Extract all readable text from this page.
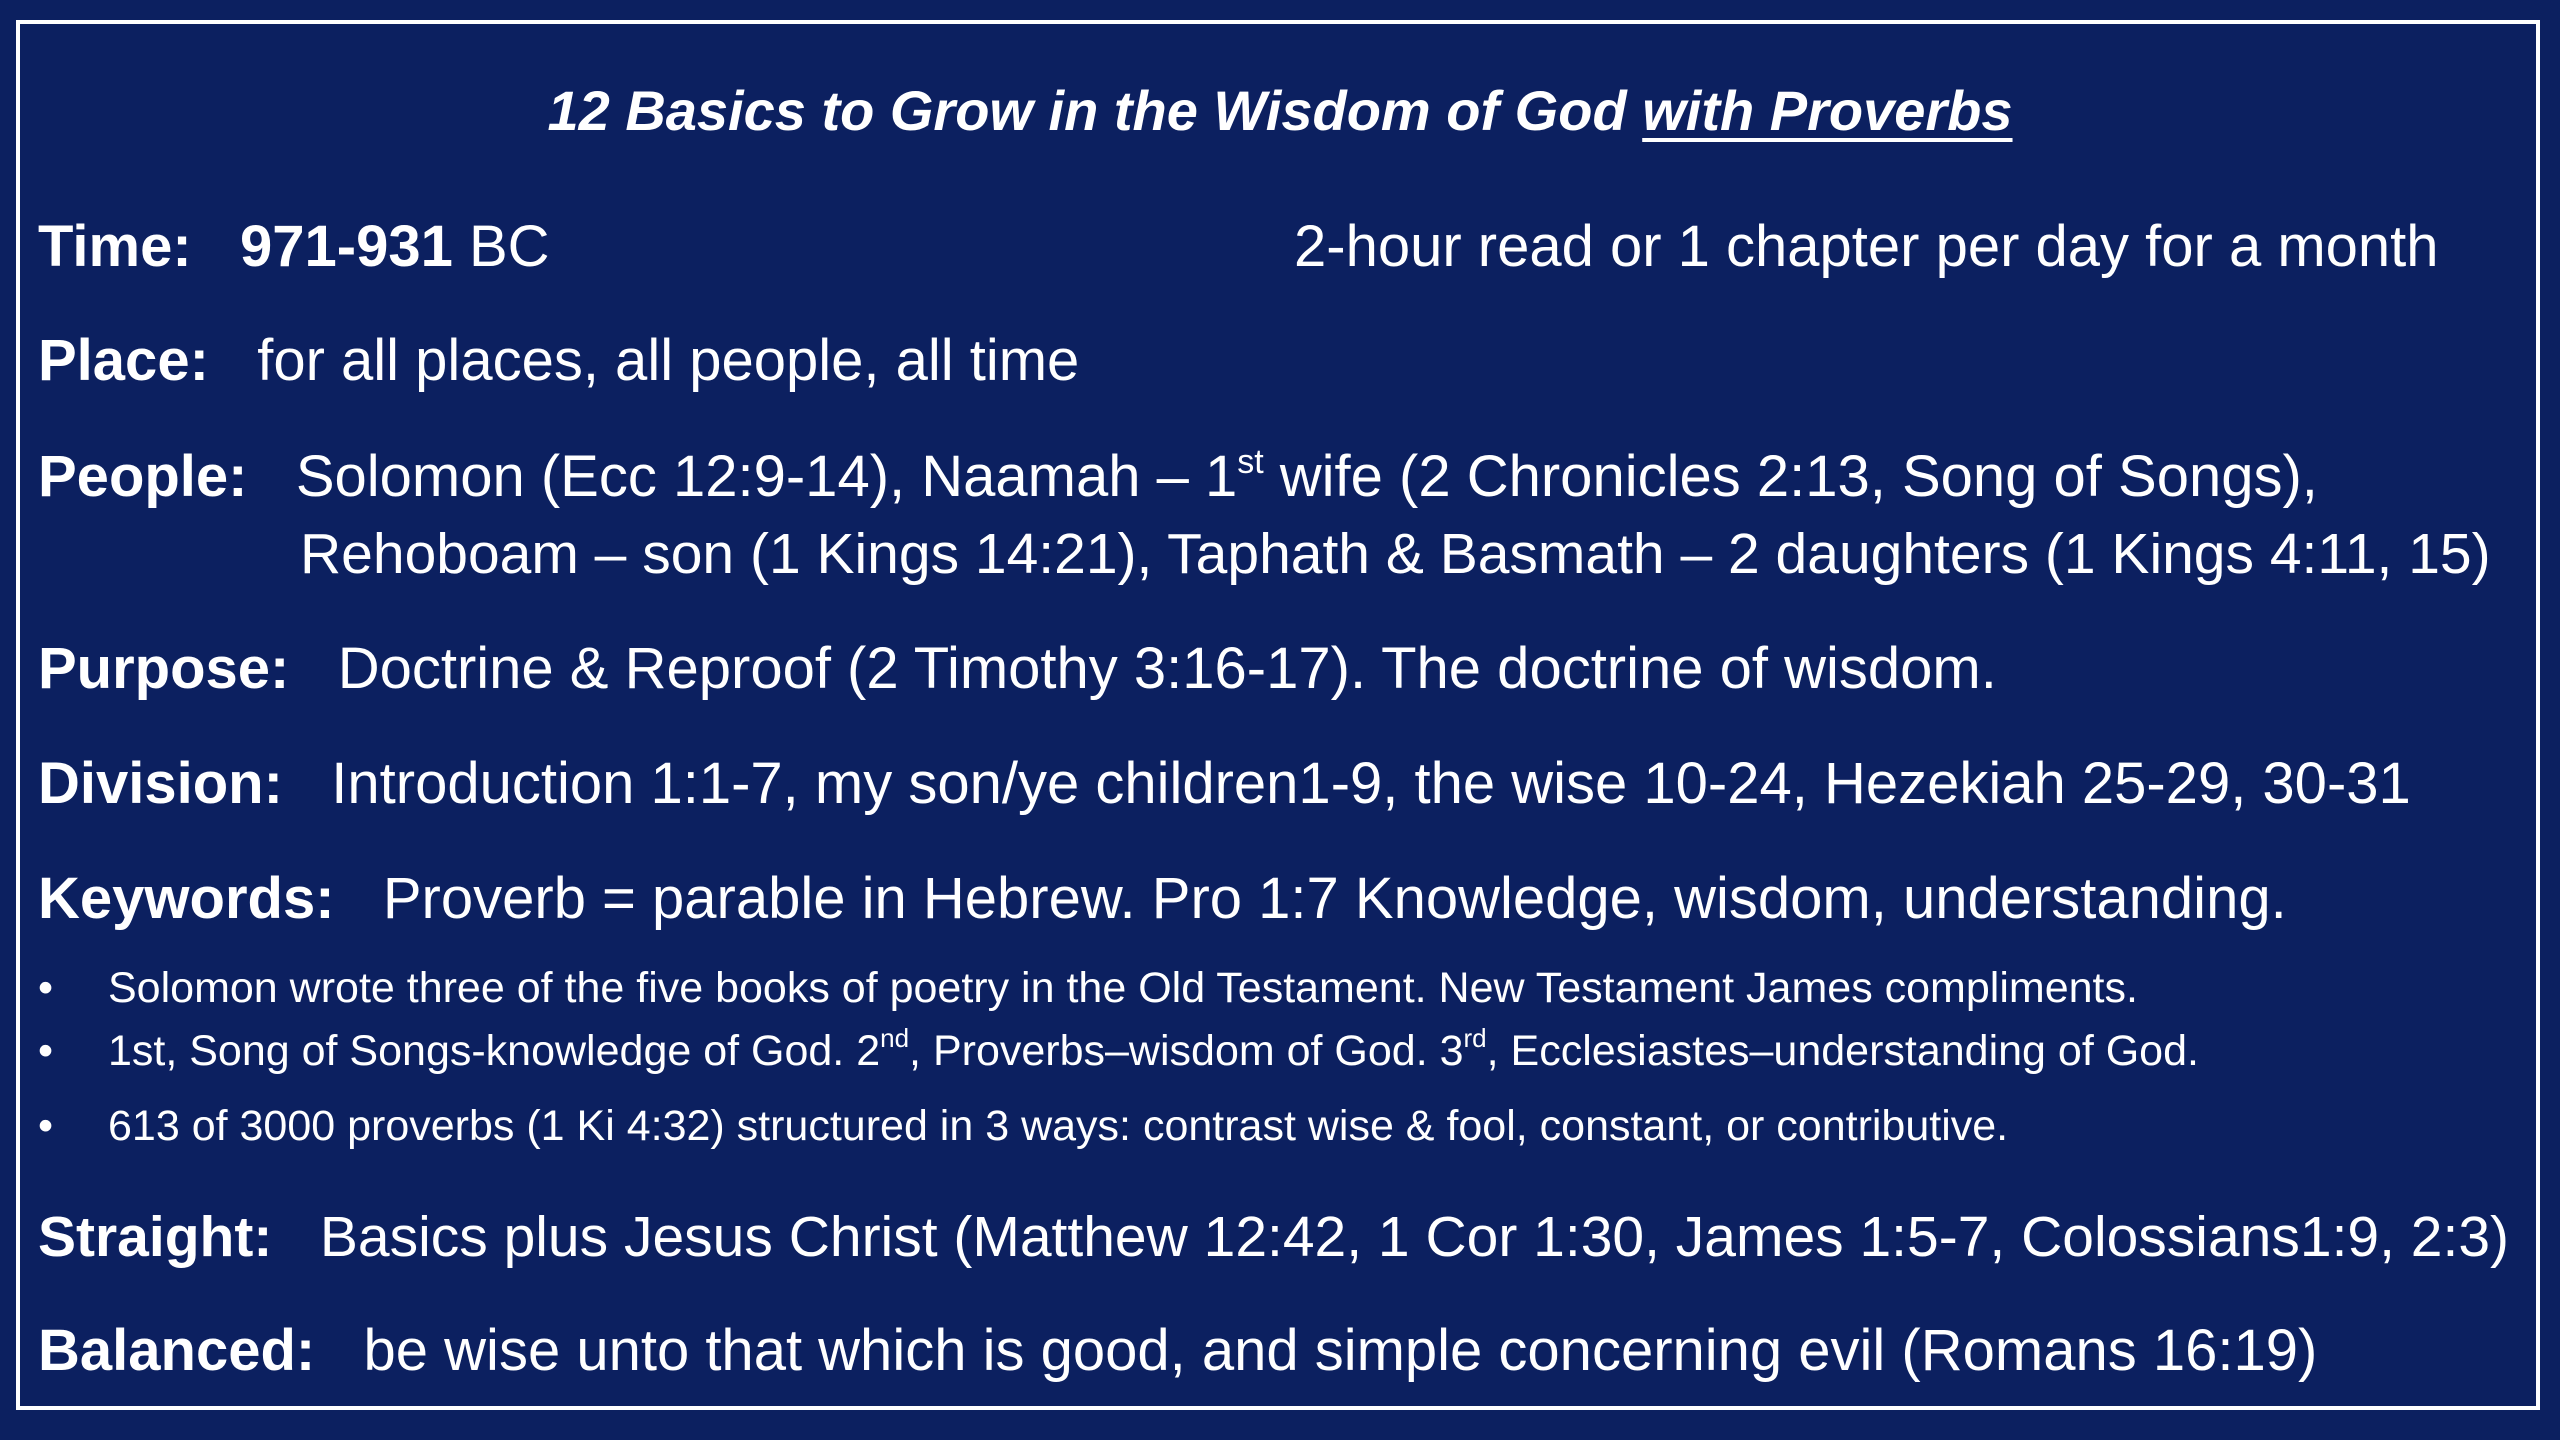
12 Basics to Grow in the Wisdom of God with Proverbs
Time: 971-931 BC	2-hour read or 1 chapter per day for a month
Place: for all places, all people, all time
People: Solomon (Ecc 12:9-14), Naamah – 1st wife (2 Chronicles 2:13, Song of Songs),
Rehoboam – son (1 Kings 14:21), Taphath & Basmath – 2 daughters (1 Kings 4:11, 15)
Purpose: Doctrine & Reproof (2 Timothy 3:16-17). The doctrine of wisdom.
Division: Introduction 1:1-7, my son/ye children1-9, the wise 10-24, Hezekiah 25-29, 30-31
Keywords: Proverb = parable in Hebrew. Pro 1:7 Knowledge, wisdom, understanding.
• Solomon wrote three of the five books of poetry in the Old Testament. New Testament James compliments.
• 1st, Song of Songs-knowledge of God. 2nd, Proverbs–wisdom of God. 3rd, Ecclesiastes–understanding of God.
• 613 of 3000 proverbs (1 Ki 4:32) structured in 3 ways: contrast wise & fool, constant, or contributive.
Straight: Basics plus Jesus Christ (Matthew 12:42, 1 Cor 1:30, James 1:5-7, Colossians1:9, 2:3)
Balanced: be wise unto that which is good, and simple concerning evil (Romans 16:19)
